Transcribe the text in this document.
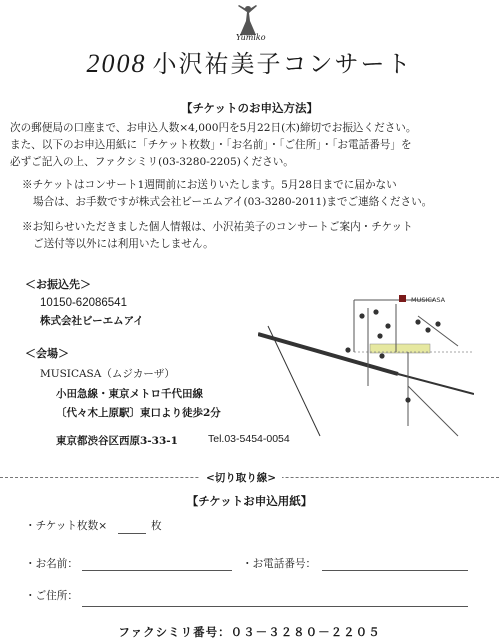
Yumiko
2008 小沢祐美子コンサート
【チケットのお申込方法】
次の郵便局の口座まで、お申込人数×4,000円を5月22日(木)締切でお振込ください。
また、以下のお申込用紙に「チケット枚数」・「お名前」・「ご住所」・「お電話番号」を
必ずご記入の上、ファクシミリ(03-3280-2205)ください。
※チケットはコンサート1週間前にお送りいたします。5月28日までに届かない
場合は、お手数ですが株式会社ビーエムアイ(03-3280-2011)までご連絡ください。
※お知らせいただきました個人情報は、小沢祐美子のコンサートご案内・チケット
ご送付等以外には利用いたしません。
＜お振込先＞
10150-62086541
株式会社ビーエムアイ
＜会場＞
MUSICASA（ムジカーザ）
小田急線・東京メトロ千代田線
〔代々木上原駅〕東口より徒歩2分
東京都渋谷区西原3-33-1	Tel.03-5454-0054
MUSICASA
<切り取り線>
【チケットお申込用紙】
・チケット枚数×	枚
・お名前：	・お電話番号：
・ご住所：
ファクシミリ番号：０３－３２８０－２２０５
